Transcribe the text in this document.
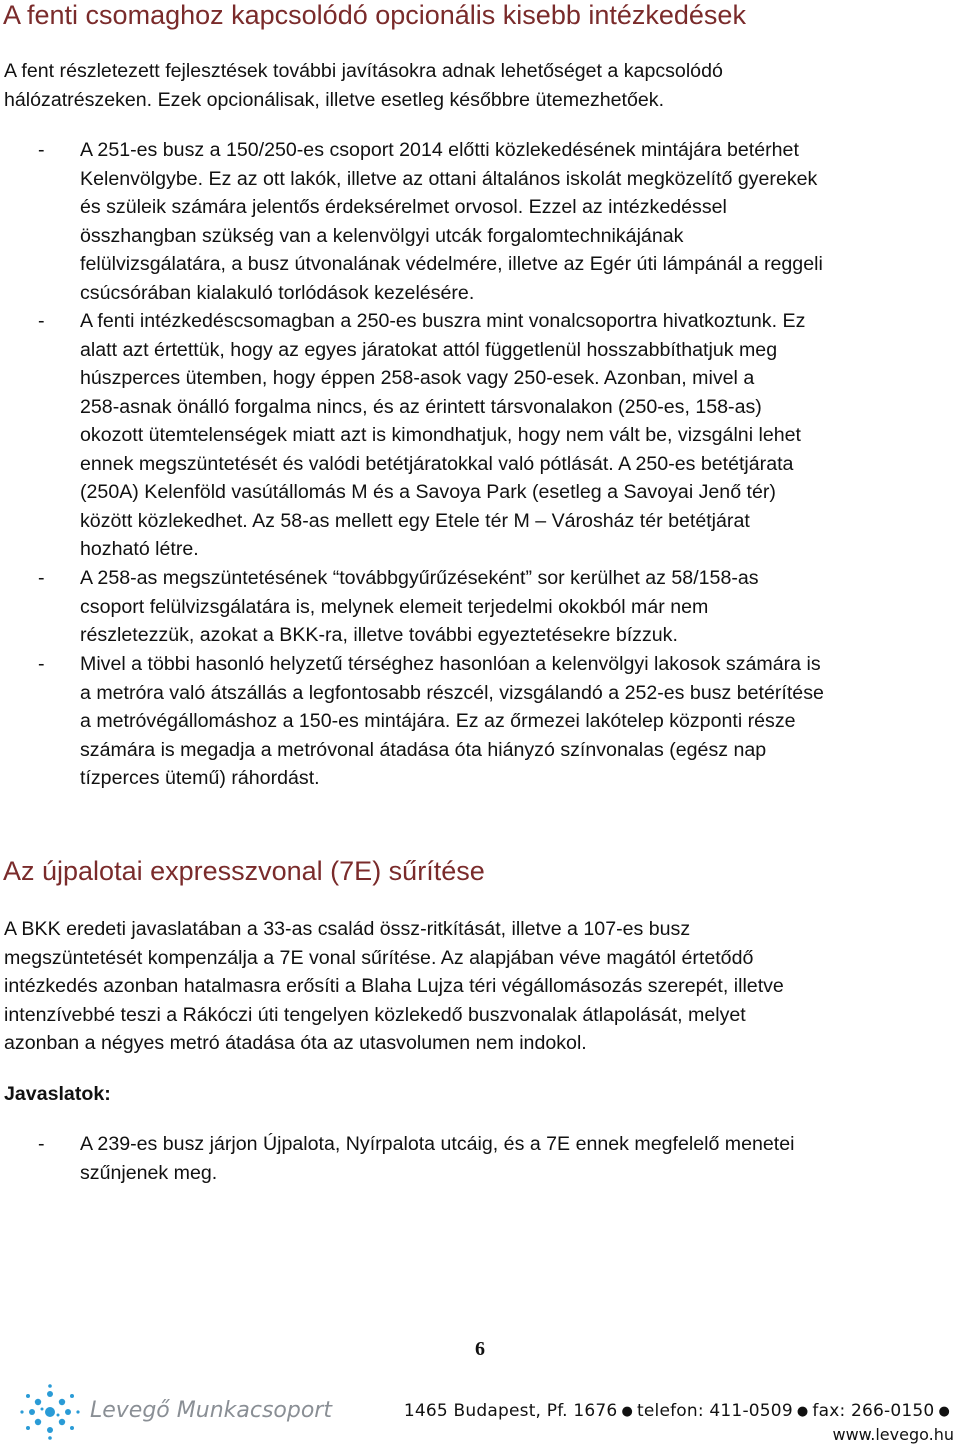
A fenti csomaghoz kapcsolódó opcionális kisebb intézkedések
A fent részletezett fejlesztések további javításokra adnak lehetőséget a kapcsolódó
hálózatrészeken. Ezek opcionálisak, illetve esetleg későbbre ütemezhetőek.
- A 251-es busz a 150/250-es csoport 2014 előtti közlekedésének mintájára betérhet
Kelenvölgybe. Ez az ott lakók, illetve az ottani általános iskolát megközelítő gyerekek
és szüleik számára jelentős érdeksérelmet orvosol. Ezzel az intézkedéssel
összhangban szükség van a kelenvölgyi utcák forgalomtechnikájának
felülvizsgálatára, a busz útvonalának védelmére, illetve az Egér úti lámpánál a reggeli
csúcsórában kialakuló torlódások kezelésére.
- A fenti intézkedéscsomagban a 250-es buszra mint vonalcsoportra hivatkoztunk. Ez
alatt azt értettük, hogy az egyes járatokat attól függetlenül hosszabbíthatjuk meg
húszperces ütemben, hogy éppen 258-asok vagy 250-esek. Azonban, mivel a
258-asnak önálló forgalma nincs, és az érintett társvonalakon (250-es, 158-as)
okozott ütemtelenségek miatt azt is kimondhatjuk, hogy nem vált be, vizsgálni lehet
ennek megszüntetését és valódi betétjáratokkal való pótlását. A 250-es betétjárata
(250A) Kelenföld vasútállomás M és a Savoya Park (esetleg a Savoyai Jenő tér)
között közlekedhet. Az 58-as mellett egy Etele tér M – Városház tér betétjárat
hozható létre.
- A 258-as megszüntetésének “továbbgyűrűzéseként” sor kerülhet az 58/158-as
csoport felülvizsgálatára is, melynek elemeit terjedelmi okokból már nem
részletezzük, azokat a BKK-ra, illetve további egyeztetésekre bízzuk.
- Mivel a többi hasonló helyzetű térséghez hasonlóan a kelenvölgyi lakosok számára is
a metróra való átszállás a legfontosabb részcél, vizsgálandó a 252-es busz betérítése
a metróvégállomáshoz a 150-es mintájára. Ez az őrmezei lakótelep központi része
számára is megadja a metróvonal átadása óta hiányzó színvonalas (egész nap
tízperces ütemű) ráhordást.
Az újpalotai expresszvonal (7E) sűrítése
A BKK eredeti javaslatában a 33-as család össz-ritkítását, illetve a 107-es busz
megszüntetését kompenzálja a 7E vonal sűrítése. Az alapjában véve magától értetődő
intézkedés azonban hatalmasra erősíti a Blaha Lujza téri végállomásozás szerepét, illetve
intenzívebbé teszi a Rákóczi úti tengelyen közlekedő buszvonalak átlapolását, melyet
azonban a négyes metró átadása óta az utasvolumen nem indokol.
Javaslatok:
- A 239-es busz járjon Újpalota, Nyírpalota utcáig, és a 7E ennek megfelelő menetei
szűnjenek meg.
6
Levegő Munkacsoport	1465 Budapest, Pf. 1676 ● telefon: 411-0509 ● fax: 266-0150 ●
www.levego.hu
